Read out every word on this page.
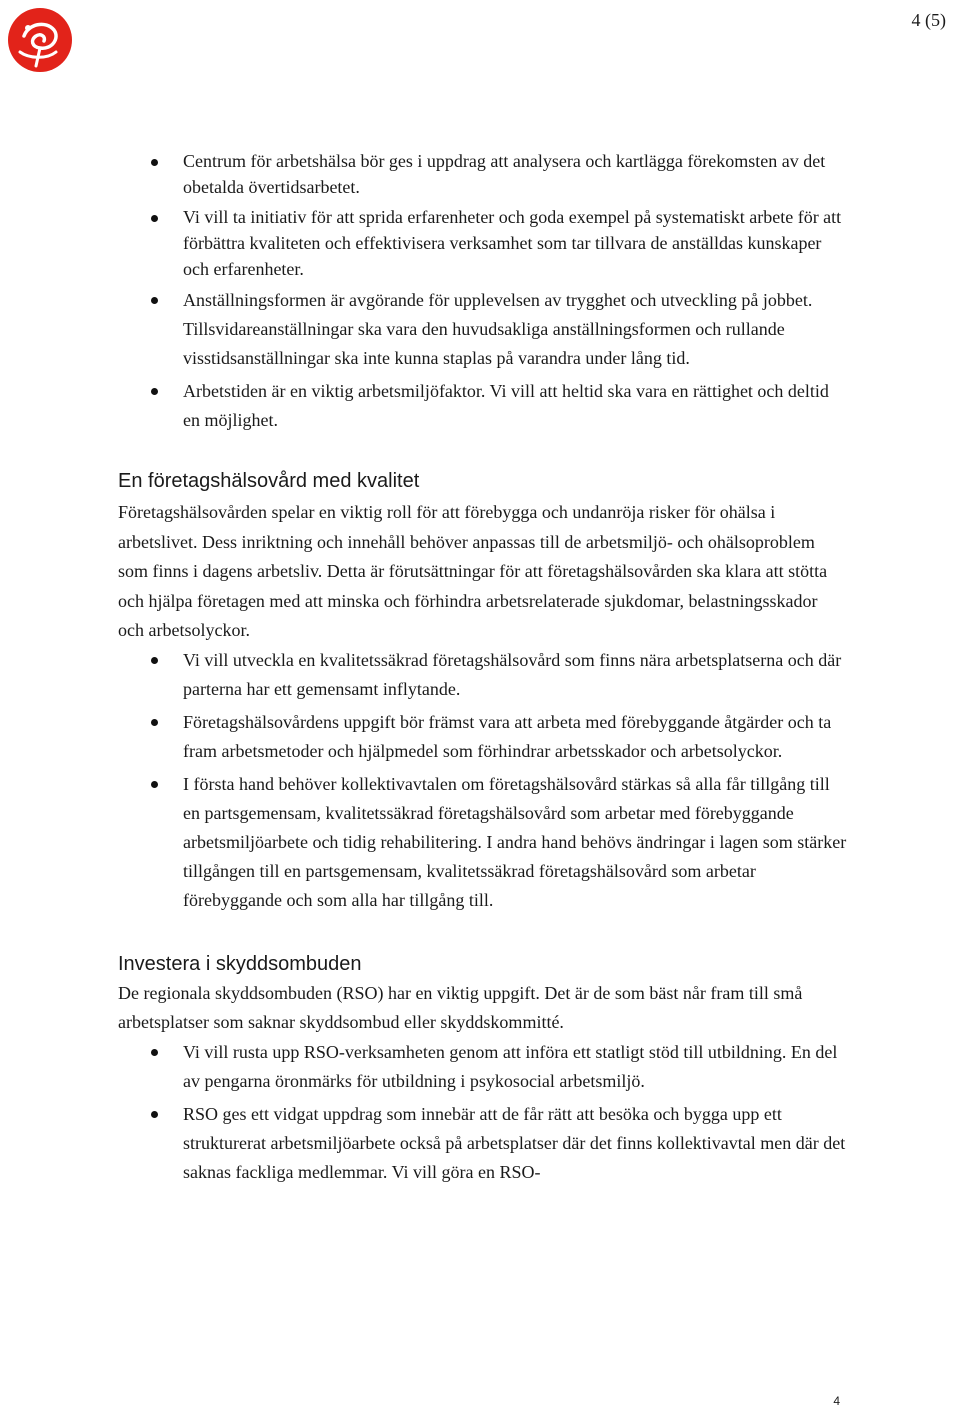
4 (5)
Centrum för arbetshälsa bör ges i uppdrag att analysera och kartlägga förekomsten av det obetalda övertidsarbetet.
Vi vill ta initiativ för att sprida erfarenheter och goda exempel på systematiskt arbete för att förbättra kvaliteten och effektivisera verksamhet som tar tillvara de anställdas kunskaper och erfarenheter.
Anställningsformen är avgörande för upplevelsen av trygghet och utveckling på jobbet. Tillsvidareanställningar ska vara den huvudsakliga anställningsformen och rullande visstidsanställningar ska inte kunna staplas på varandra under lång tid.
Arbetstiden är en viktig arbetsmiljöfaktor. Vi vill att heltid ska vara en rättighet och deltid en möjlighet.
En företagshälsovård med kvalitet

Företagshälsovården spelar en viktig roll för att förebygga och undanröja risker för ohälsa i arbetslivet. Dess inriktning och innehåll behöver anpassas till de arbetsmiljö- och ohälsoproblem som finns i dagens arbetsliv. Detta är förutsättningar för att företagshälsovården ska klara att stötta och hjälpa företagen med att minska och förhindra arbetsrelaterade sjukdomar, belastningsskador och arbetsolyckor.

Vi vill utveckla en kvalitetssäkrad företagshälsovård som finns nära arbetsplatserna och där parterna har ett gemensamt inflytande.
Företagshälsovårdens uppgift bör främst vara att arbeta med förebyggande åtgärder och ta fram arbetsmetoder och hjälpmedel som förhindrar arbetsskador och arbetsolyckor.
I första hand behöver kollektivavtalen om företagshälsovård stärkas så alla får tillgång till en partsgemensam, kvalitetssäkrad företagshälsovård som arbetar med förebyggande arbetsmiljöarbete och tidig rehabilitering. I andra hand behövs ändringar i lagen som stärker tillgången till en partsgemensam, kvalitetssäkrad företagshälsovård som arbetar förebyggande och som alla har tillgång till.
Investera i skyddsombuden

De regionala skyddsombuden (RSO) har en viktig uppgift. Det är de som bäst når fram till små arbetsplatser som saknar skyddsombud eller skyddskommitté.

Vi vill rusta upp RSO-verksamheten genom att införa ett statligt stöd till utbildning. En del av pengarna öronmärks för utbildning i psykosocial arbetsmiljö.
RSO ges ett vidgat uppdrag som innebär att de får rätt att besöka och bygga upp ett strukturerat arbetsmiljöarbete också på arbetsplatser där det finns kollektivavtal men där det saknas fackliga medlemmar. Vi vill göra en RSO-
4
